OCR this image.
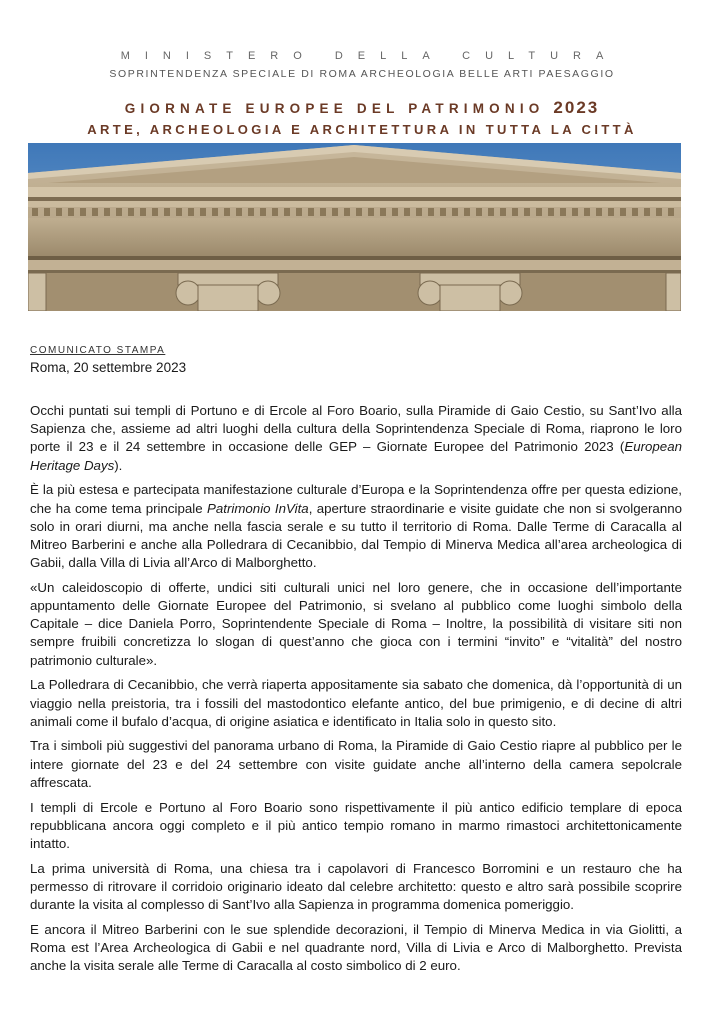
MINISTERO DELLA CULTURA
SOPRINTENDENZA SPECIALE DI ROMA ARCHEOLOGIA BELLE ARTI PAESAGGIO
GIORNATE EUROPEE DEL PATRIMONIO 2023
ARTE, ARCHEOLOGIA E ARCHITETTURA IN TUTTA LA CITTÀ
COMUNICATO STAMPA
Roma, 20 settembre 2023

Occhi puntati sui templi di Portuno e di Ercole al Foro Boario, sulla Piramide di Gaio Cestio, su Sant’Ivo alla Sapienza che, assieme ad altri luoghi della cultura della Soprintendenza Speciale di Roma, riaprono le loro porte il 23 e il 24 settembre in occasione delle GEP – Giornate Europee del Patrimonio 2023 (European Heritage Days).

È la più estesa e partecipata manifestazione culturale d’Europa e la Soprintendenza offre per questa edizione, che ha come tema principale Patrimonio InVita, aperture straordinarie e visite guidate che non si svolgeranno solo in orari diurni, ma anche nella fascia serale e su tutto il territorio di Roma. Dalle Terme di Caracalla al Mitreo Barberini e anche alla Polledrara di Cecanibbio, dal Tempio di Minerva Medica all’area archeologica di Gabii, dalla Villa di Livia all’Arco di Malborghetto.

«Un caleidoscopio di offerte, undici siti culturali unici nel loro genere, che in occasione dell’importante appuntamento delle Giornate Europee del Patrimonio, si svelano al pubblico come luoghi simbolo della Capitale – dice Daniela Porro, Soprintendente Speciale di Roma – Inoltre, la possibilità di visitare siti non sempre fruibili concretizza lo slogan di quest’anno che gioca con i termini “invito” e “vitalità” del nostro patrimonio culturale».

La Polledrara di Cecanibbio, che verrà riaperta appositamente sia sabato che domenica, dà l’opportunità di un viaggio nella preistoria, tra i fossili del mastodontico elefante antico, del bue primigenio, e di decine di altri animali come il bufalo d’acqua, di origine asiatica e identificato in Italia solo in questo sito.

Tra i simboli più suggestivi del panorama urbano di Roma, la Piramide di Gaio Cestio riapre al pubblico per le intere giornate del 23 e del 24 settembre con visite guidate anche all’interno della camera sepolcrale affrescata.

I templi di Ercole e Portuno al Foro Boario sono rispettivamente il più antico edificio templare di epoca repubblicana ancora oggi completo e il più antico tempio romano in marmo rimastoci architettonicamente intatto.

La prima università di Roma, una chiesa tra i capolavori di Francesco Borromini e un restauro che ha permesso di ritrovare il corridoio originario ideato dal celebre architetto: questo e altro sarà possibile scoprire durante la visita al complesso di Sant’Ivo alla Sapienza in programma domenica pomeriggio.

E ancora il Mitreo Barberini con le sue splendide decorazioni, il Tempio di Minerva Medica in via Giolitti, a Roma est l’Area Archeologica di Gabii e nel quadrante nord, Villa di Livia e Arco di Malborghetto. Prevista anche la visita serale alle Terme di Caracalla al costo simbolico di 2 euro.
